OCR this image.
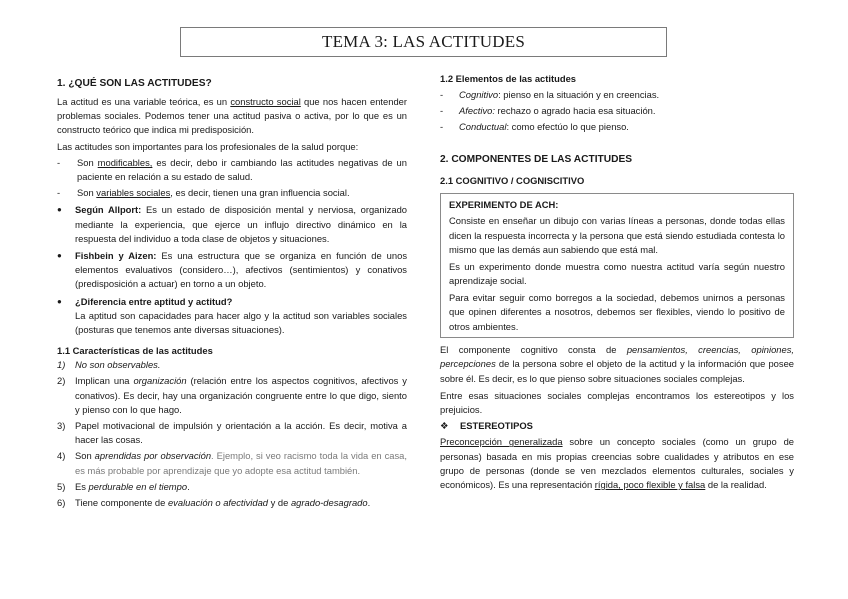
TEMA 3: LAS ACTITUDES
1. ¿QUÉ SON LAS ACTITUDES?

La actitud es una variable teórica, es un constructo social que nos hacen entender problemas sociales. Podemos tener una actitud pasiva o activa, por lo que es un constructo teórico que indica mi predisposición.

Las actitudes son importantes para los profesionales de la salud porque:

-	Son modificables, es decir, debo ir cambiando las actitudes negativas de un paciente en relación a su estado de salud.
-	Son variables sociales, es decir, tienen una gran influencia social.
●	Según Allport: Es un estado de disposición mental y nerviosa, organizado mediante la experiencia, que ejerce un influjo directivo dinámico en la respuesta del individuo a toda clase de objetos y situaciones.
●	Fishbein y Aizen: Es una estructura que se organiza en función de unos elementos evaluativos (considero…), afectivos (sentimientos) y conativos (predisposición a actuar) en torno a un objeto.
●	¿Diferencia entre aptitud y actitud?
La aptitud son capacidades para hacer algo y la actitud son variables sociales (posturas que tenemos ante diversas situaciones).
1.1 Características de las actitudes
1)	No son observables.
2)	Implican una organización (relación entre los aspectos cognitivos, afectivos y conativos). Es decir, hay una organización congruente entre lo que digo, siento y pienso con lo que hago.
3)	Papel motivacional de impulsión y orientación a la acción. Es decir, motiva a hacer las cosas.
4)	Son aprendidas por observación. Ejemplo, si veo racismo toda la vida en casa, es más probable por aprendizaje que yo adopte esa actitud también.
5)	Es perdurable en el tiempo.
6)	Tiene componente de evaluación o afectividad y de agrado-desagrado.
1.2 Elementos de las actitudes
-	Cognitivo: pienso en la situación y en creencias.
-	Afectivo: rechazo o agrado hacia esa situación.
-	Conductual: como efectúo lo que pienso.
2. COMPONENTES DE LAS ACTITUDES
2.1 COGNITIVO / COGNISCITIVO

EXPERIMENTO DE ACH:

Consiste en enseñar un dibujo con varias líneas a personas, donde todas ellas dicen la respuesta incorrecta y la persona que está siendo estudiada contesta lo mismo que las demás aun sabiendo que está mal.

Es un experimento donde muestra como nuestra actitud varía según nuestro aprendizaje social.

Para evitar seguir como borregos a la sociedad, debemos unirnos a personas que opinen diferentes a nosotros, debemos ser flexibles, viendo lo positivo de otros ambientes.

El componente cognitivo consta de pensamientos, creencias, opiniones, percepciones de la persona sobre el objeto de la actitud y la información que posee sobre él. Es decir, es lo que pienso sobre situaciones sociales complejas.

Entre esas situaciones sociales complejas encontramos los estereotipos y los prejuicios.

❖	ESTEREOTIPOS

Preconcepción generalizada sobre un concepto sociales (como un grupo de personas) basada en mis propias creencias sobre cualidades y atributos en ese grupo de personas (donde se ven mezclados elementos culturales, sociales y económicos). Es una representación rígida, poco flexible y falsa de la realidad.
